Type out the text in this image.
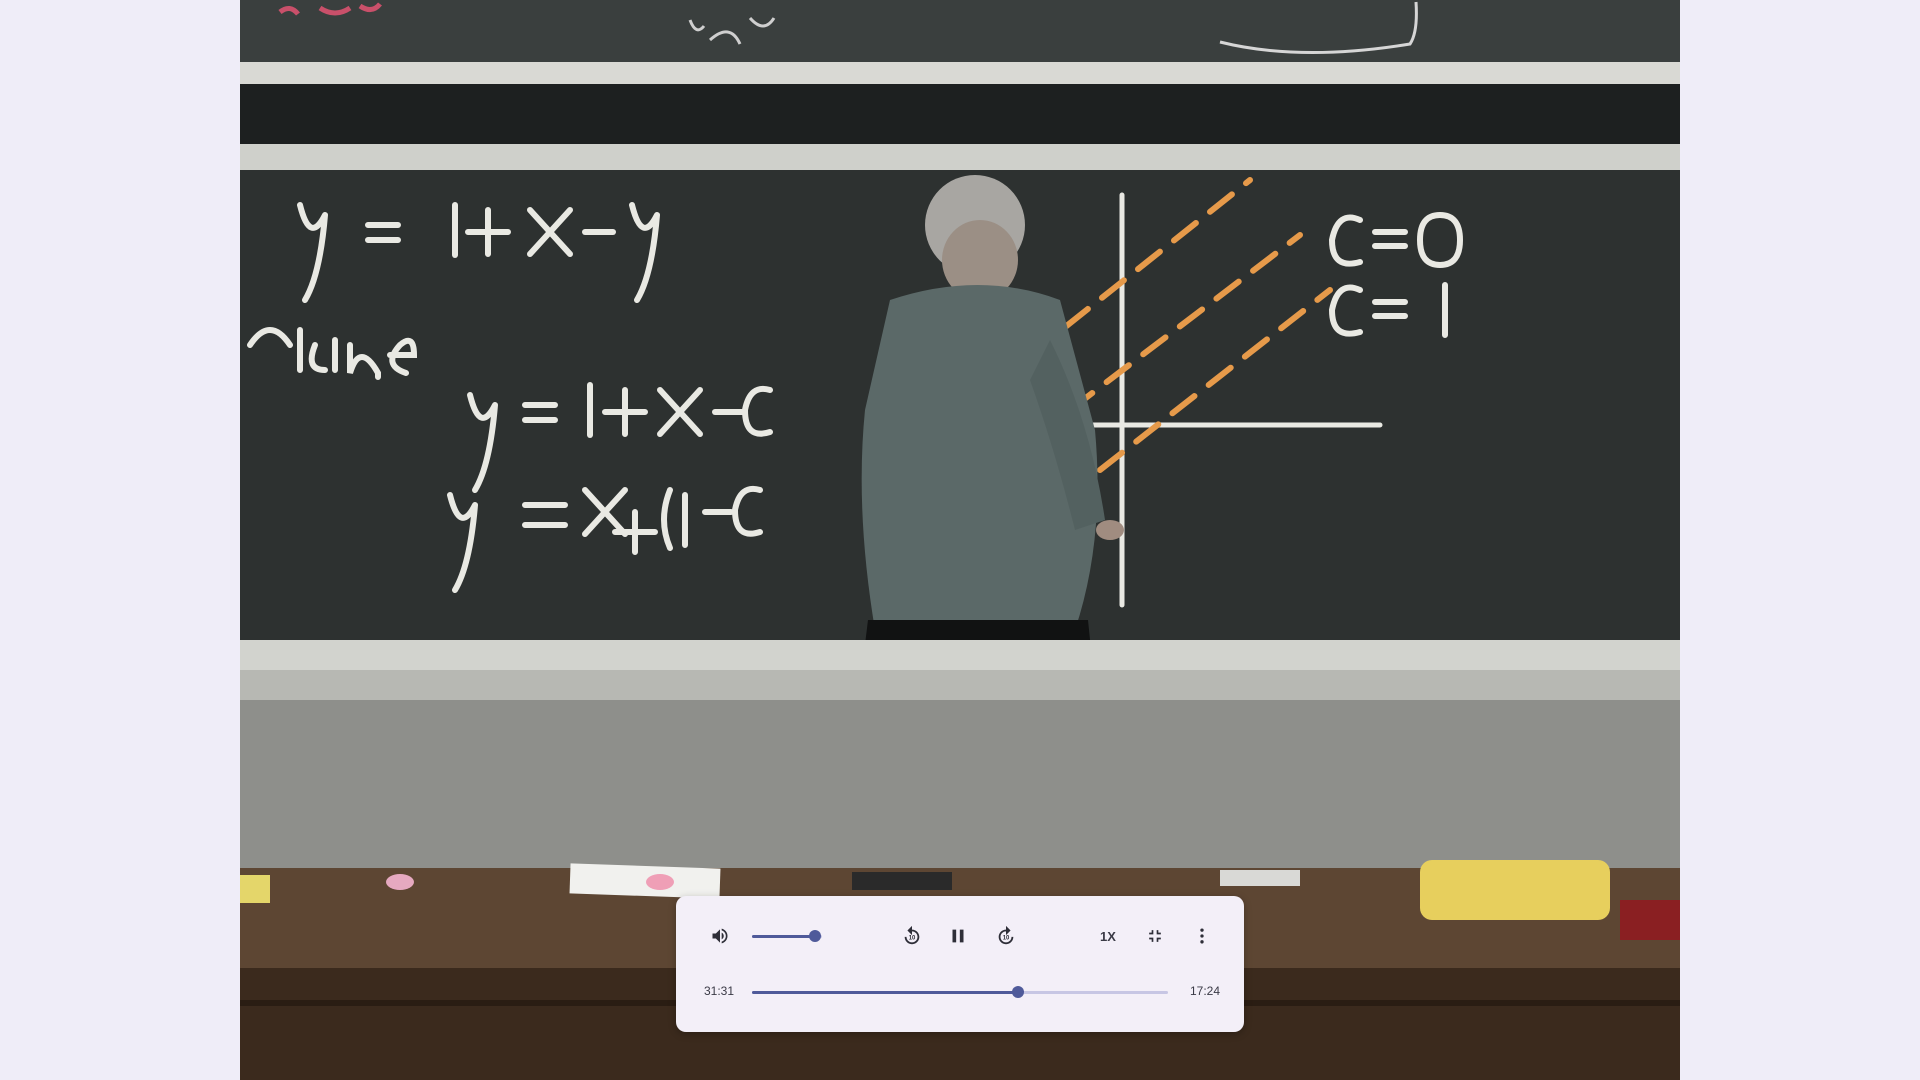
10	10	1X
31:31	17:24
